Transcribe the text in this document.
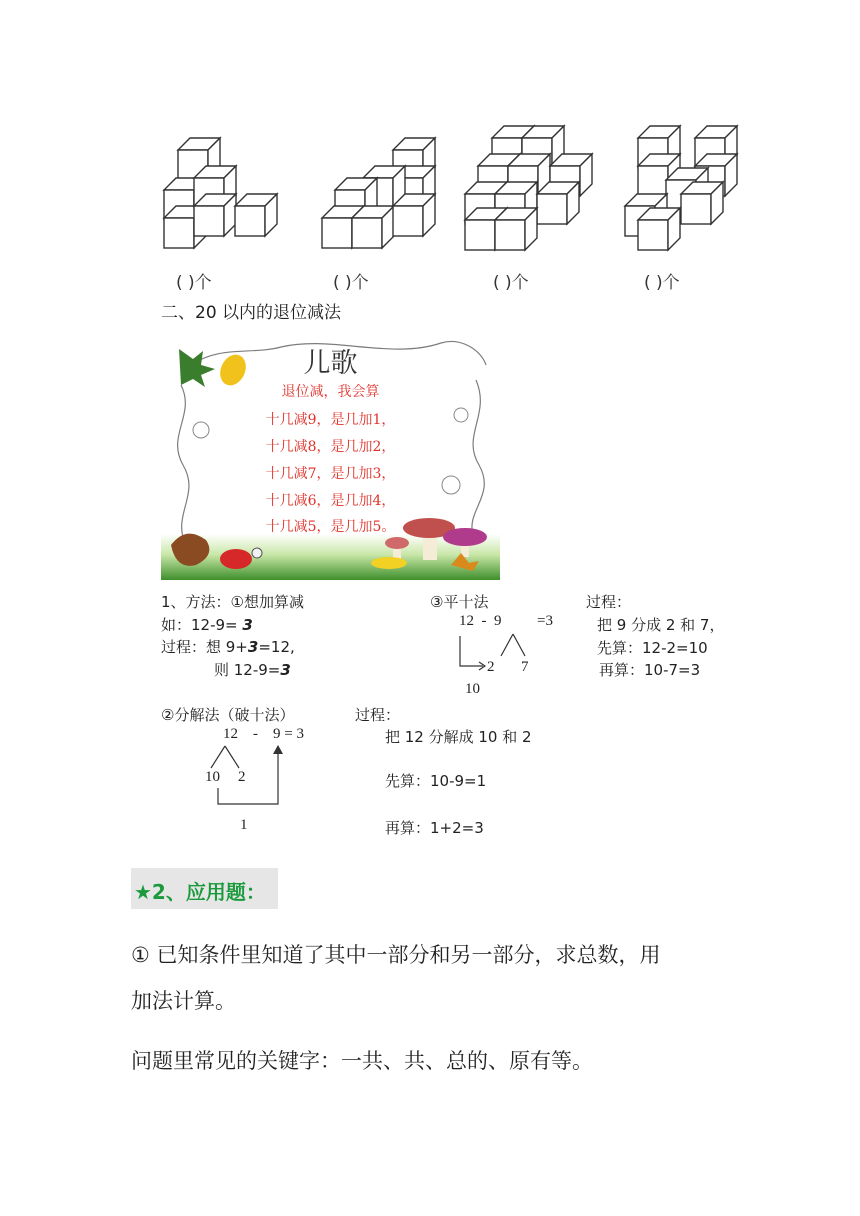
( )个	( )个	( )个	( )个
二、20 以内的退位减法
儿歌
退位减，我会算
十几减9，是几加1，
十几减8，是几加2，
十几减7，是几加3，
十几减6，是几加4，
十几减5，是几加5。
1、方法：①想加算减
如：12-9= 3
过程：想 9+3=12,
则 12-9=3
③平十法
12  -  9 =3
2 7
10
过程：
把 9 分成 2 和 7，
先算：12-2=10
再算：10-7=3
②分解法（破十法）
12    -    9 = 3
10 2
1
过程：
把 12 分解成 10 和 2
先算：10-9=1
再算：1+2=3
★2、应用题：
① 已知条件里知道了其中一部分和另一部分，求总数，用
加法计算。
问题里常见的关键字：一共、共、总的、原有等。
